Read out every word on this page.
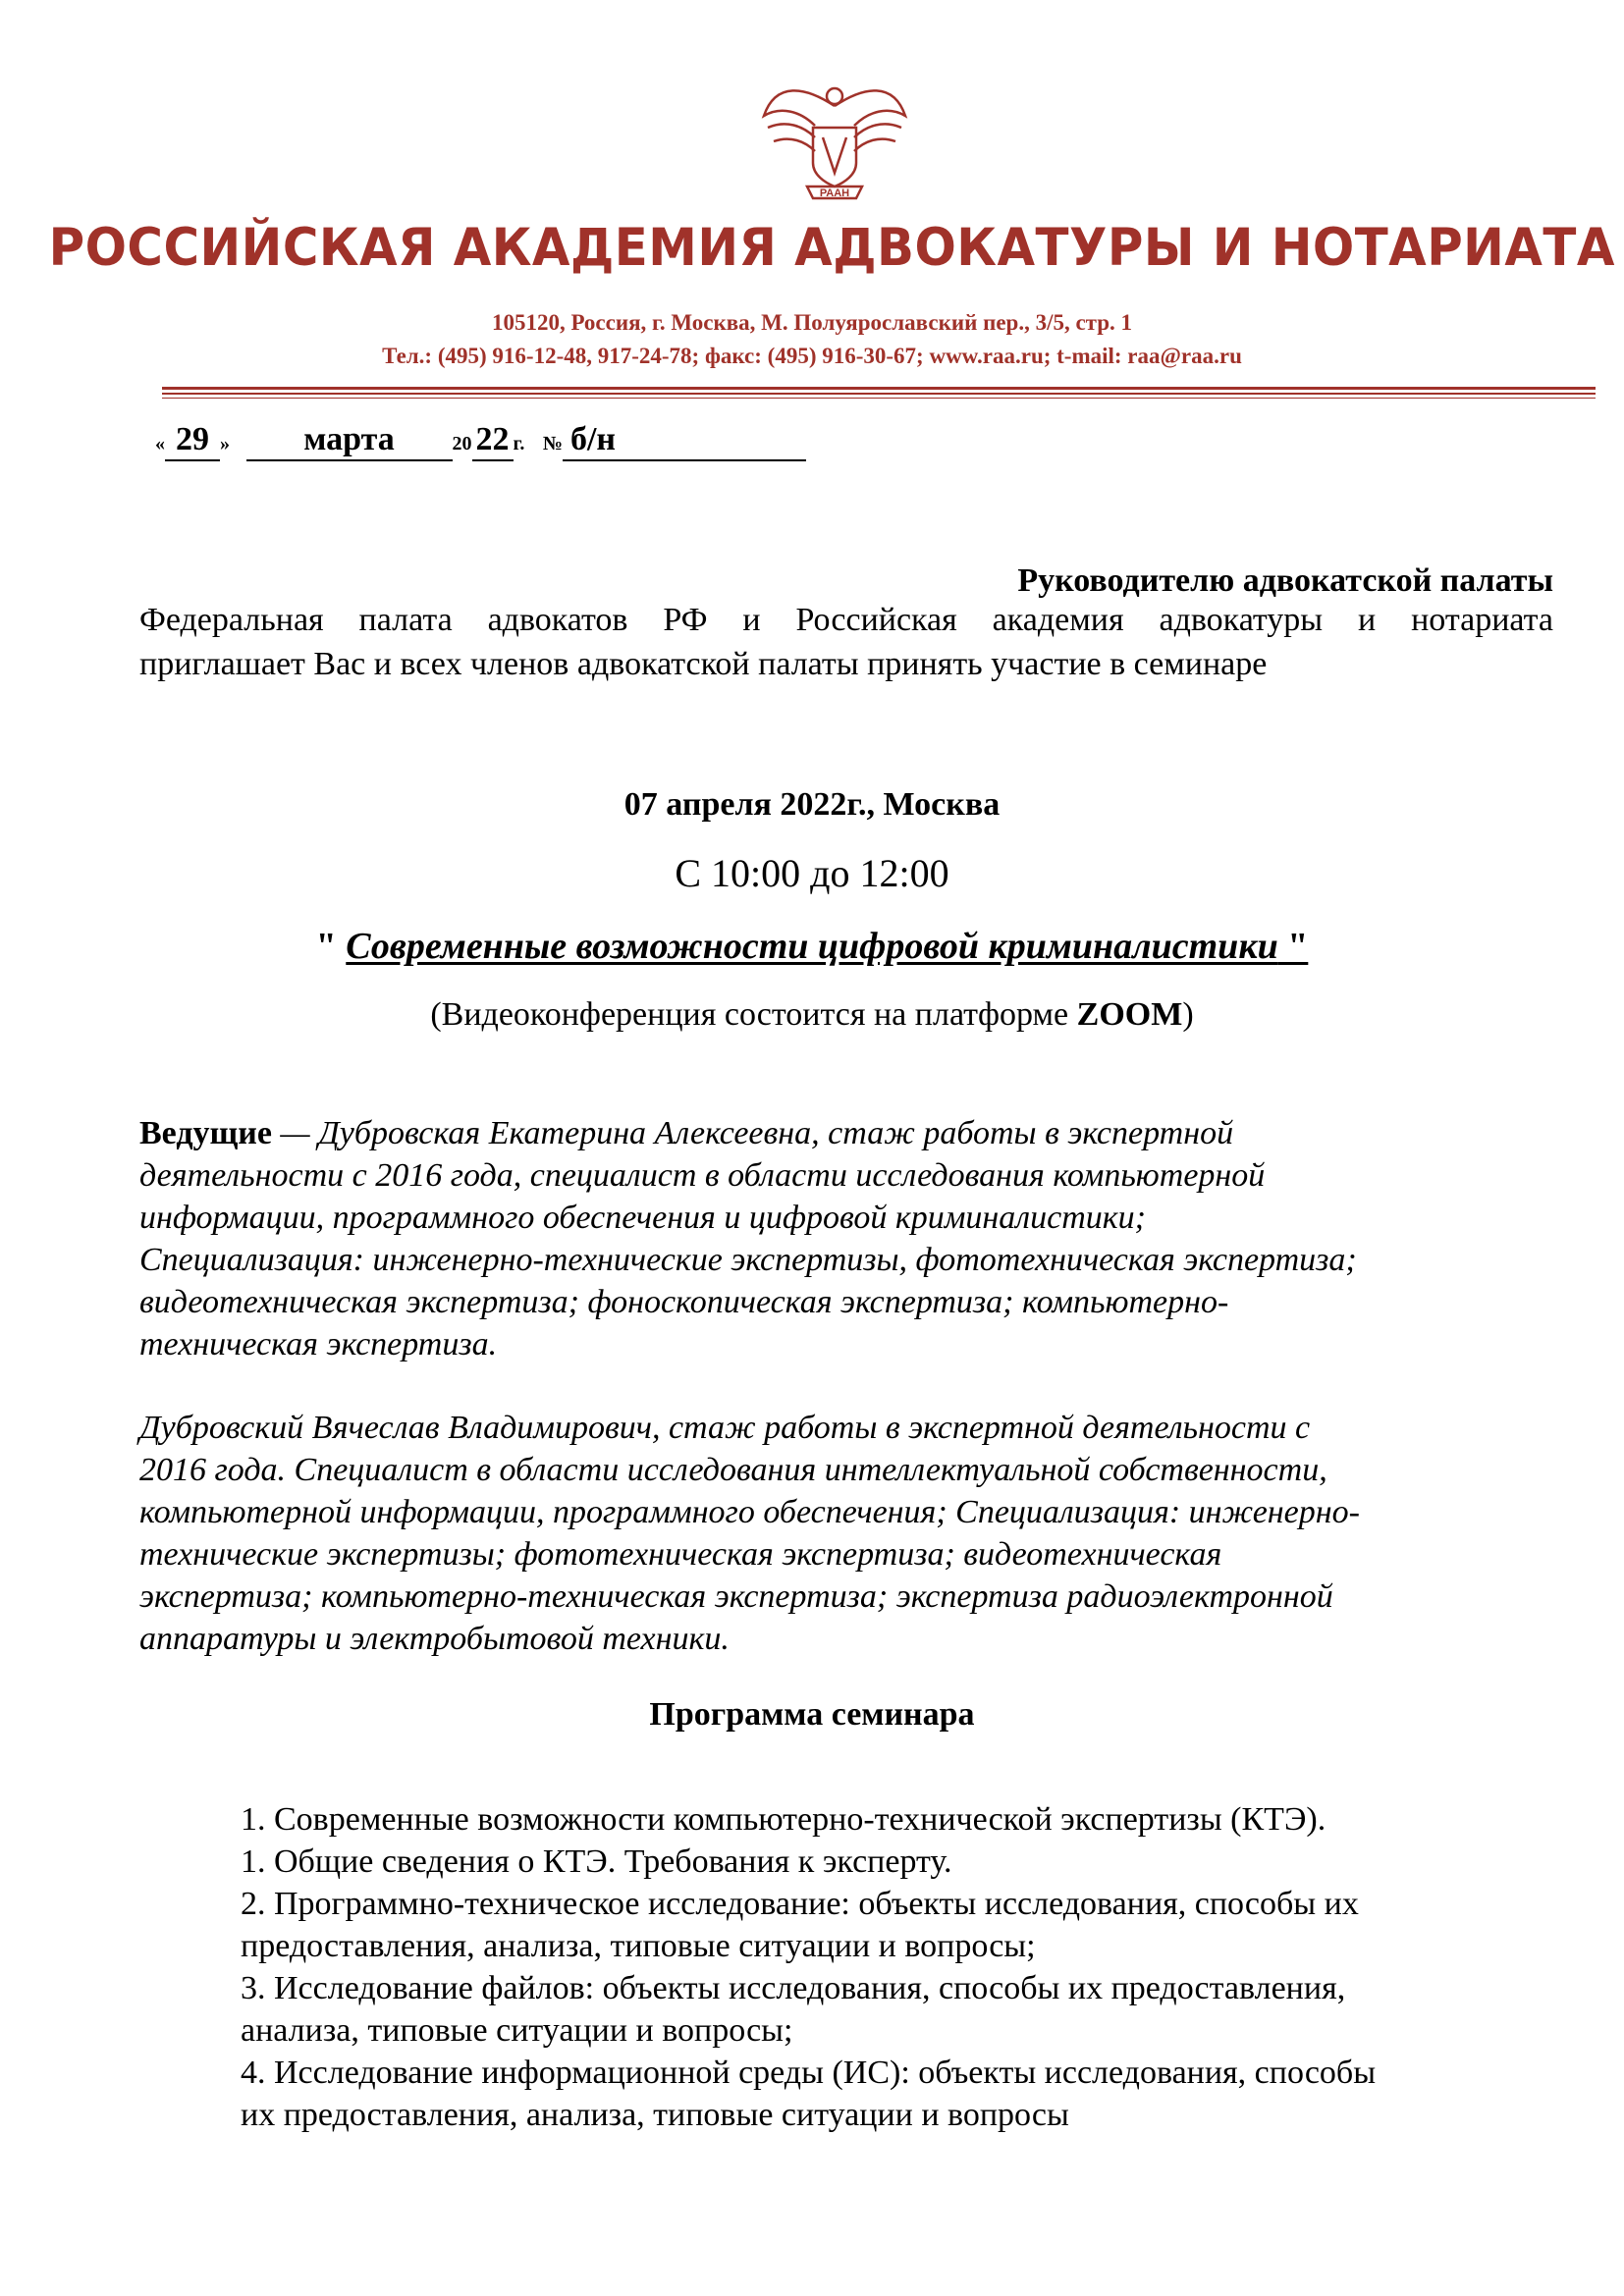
РААН
РОССИЙСКАЯ АКАДЕМИЯ АДВОКАТУРЫ И НОТАРИАТА
105120, Россия, г. Москва, М. Полуярославский пер., 3/5, стр. 1
Тел.: (495) 916-12-48, 917-24-78; факс: (495) 916-30-67; www.raa.ru; t-mail: raa@raa.ru
« 29 » марта	20 22 г. № б/н
Руководителю адвокатской палаты
Федеральная палата адвокатов РФ и Российская академия адвокатуры и нотариата
приглашает Вас и всех членов адвокатской палаты принять участие в семинаре
07 апреля 2022г., Москва
С 10:00 до 12:00
" Современные возможности цифровой криминалистики "
(Видеоконференция состоится на платформе ZOOM)
Ведущие — Дубровская Екатерина Алексеевна, стаж работы в экспертной
деятельности с 2016 года, специалист в области исследования компьютерной
информации, программного обеспечения и цифровой криминалистики;
Специализация: инженерно-технические экспертизы, фототехническая экспертиза;
видеотехническая экспертиза; фоноскопическая экспертиза; компьютерно-
техническая экспертиза.
Дубровский Вячеслав Владимирович, стаж работы в экспертной деятельности с
2016 года. Специалист в области исследования интеллектуальной собственности,
компьютерной информации, программного обеспечения; Специализация: инженерно-
технические экспертизы; фототехническая экспертиза; видеотехническая
экспертиза; компьютерно-техническая экспертиза; экспертиза радиоэлектронной
аппаратуры и электробытовой техники.
Программа семинара
1. Современные возможности компьютерно-технической экспертизы (КТЭ).
1. Общие сведения о КТЭ. Требования к эксперту.
2. Программно-техническое исследование: объекты исследования, способы их
предоставления, анализа, типовые ситуации и вопросы;
3. Исследование файлов: объекты исследования, способы их предоставления,
анализа, типовые ситуации и вопросы;
4. Исследование информационной среды (ИС): объекты исследования, способы
их предоставления, анализа, типовые ситуации и вопросы
